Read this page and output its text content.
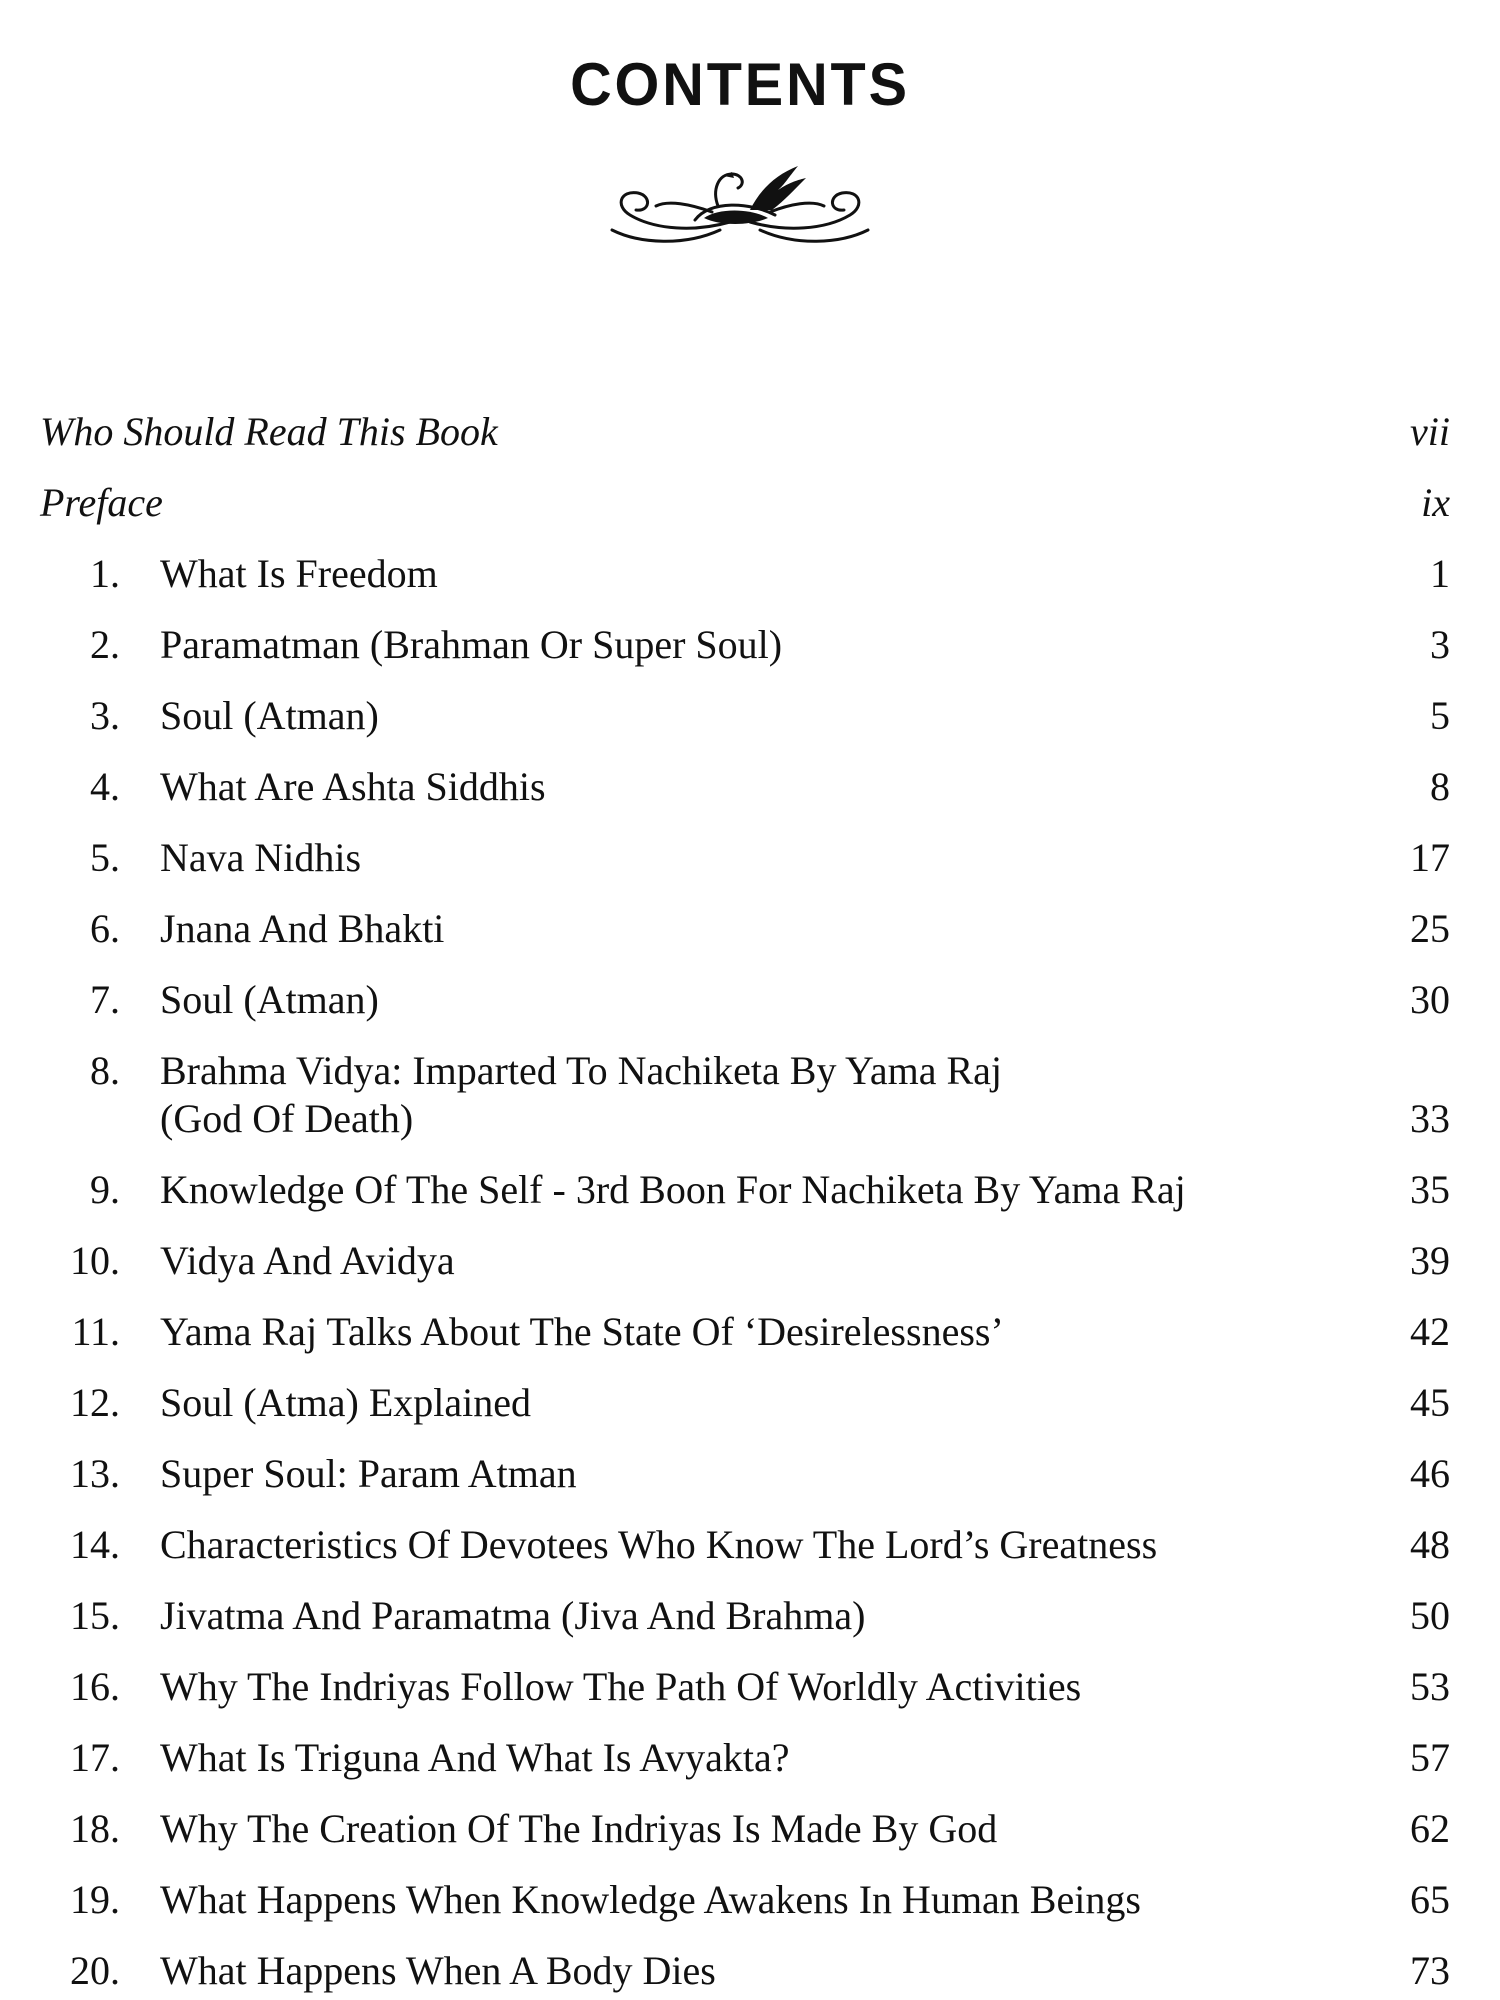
CONTENTS
Who Should Read This Book	vii
Preface	ix
1.	What Is Freedom	1
2.	Paramatman (Brahman Or Super Soul)	3
3.	Soul (Atman)	5
4.	What Are Ashta Siddhis	8
5.	Nava Nidhis	17
6.	Jnana And Bhakti	25
7.	Soul (Atman)	30
8.	Brahma Vidya: Imparted To Nachiketa By Yama Raj
(God Of Death)	33
9.	Knowledge Of The Self - 3rd Boon For Nachiketa By Yama Raj	35
10.	Vidya And Avidya	39
11.	Yama Raj Talks About The State Of ‘Desirelessness’	42
12.	Soul (Atma) Explained	45
13.	Super Soul: Param Atman	46
14.	Characteristics Of Devotees Who Know The Lord’s Greatness	48
15.	Jivatma And Paramatma (Jiva And Brahma)	50
16.	Why The Indriyas Follow The Path Of Worldly Activities	53
17.	What Is Triguna And What Is Avyakta?	57
18.	Why The Creation Of The Indriyas Is Made By God	62
19.	What Happens When Knowledge Awakens In Human Beings	65
20.	What Happens When A Body Dies	73
